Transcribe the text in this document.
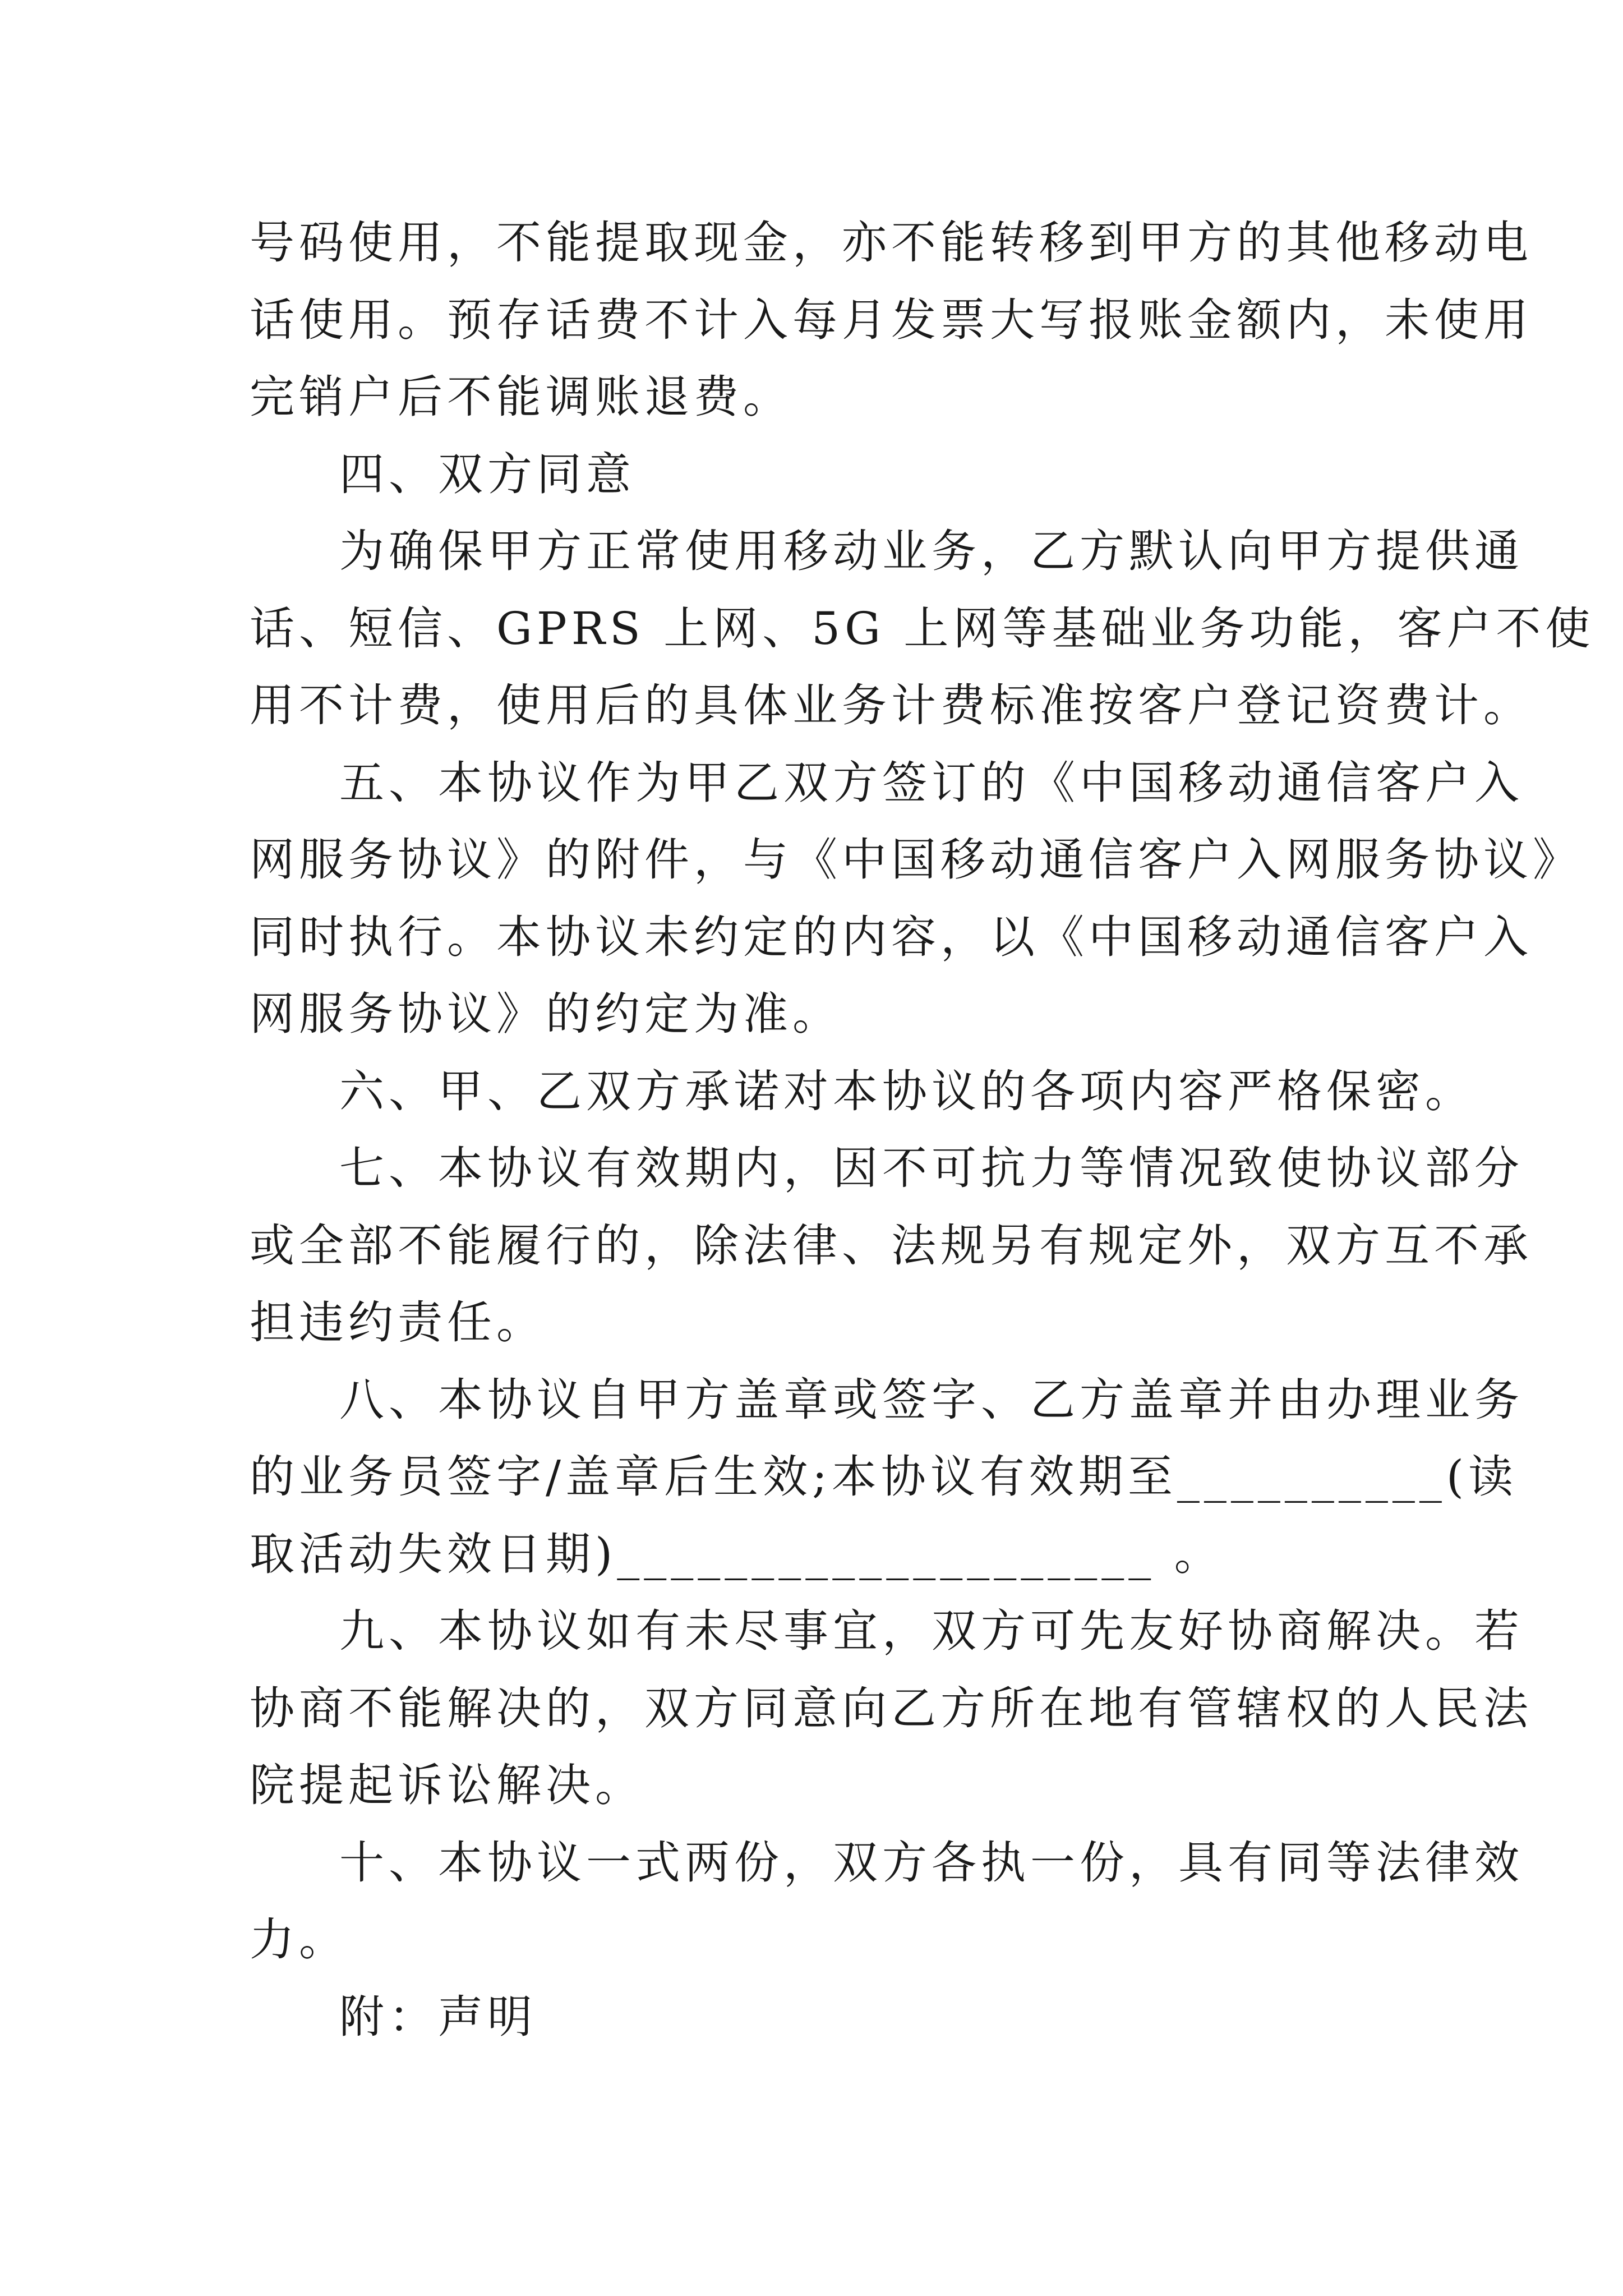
号码使用，不能提取现金，亦不能转移到甲方的其他移动电
话使用。预存话费不计入每月发票大写报账金额内，未使用
完销户后不能调账退费。
四、双方同意
为确保甲方正常使用移动业务，乙方默认向甲方提供通
话、短信、GPRS 上网、5G 上网等基础业务功能，客户不使
用不计费，使用后的具体业务计费标准按客户登记资费计。
五、本协议作为甲乙双方签订的《中国移动通信客户入
网服务协议》的附件，与《中国移动通信客户入网服务协议》
同时执行。本协议未约定的内容，以《中国移动通信客户入
网服务协议》的约定为准。
六、甲、乙双方承诺对本协议的各项内容严格保密。
七、本协议有效期内，因不可抗力等情况致使协议部分
或全部不能履行的，除法律、法规另有规定外，双方互不承
担违约责任。
八、本协议自甲方盖章或签字、乙方盖章并由办理业务
的业务员签字/盖章后生效;本协议有效期至__________(读
取活动失效日期)____________________ 。
九、本协议如有未尽事宜，双方可先友好协商解决。若
协商不能解决的，双方同意向乙方所在地有管辖权的人民法
院提起诉讼解决。
十、本协议一式两份，双方各执一份，具有同等法律效
力。
附：声明
